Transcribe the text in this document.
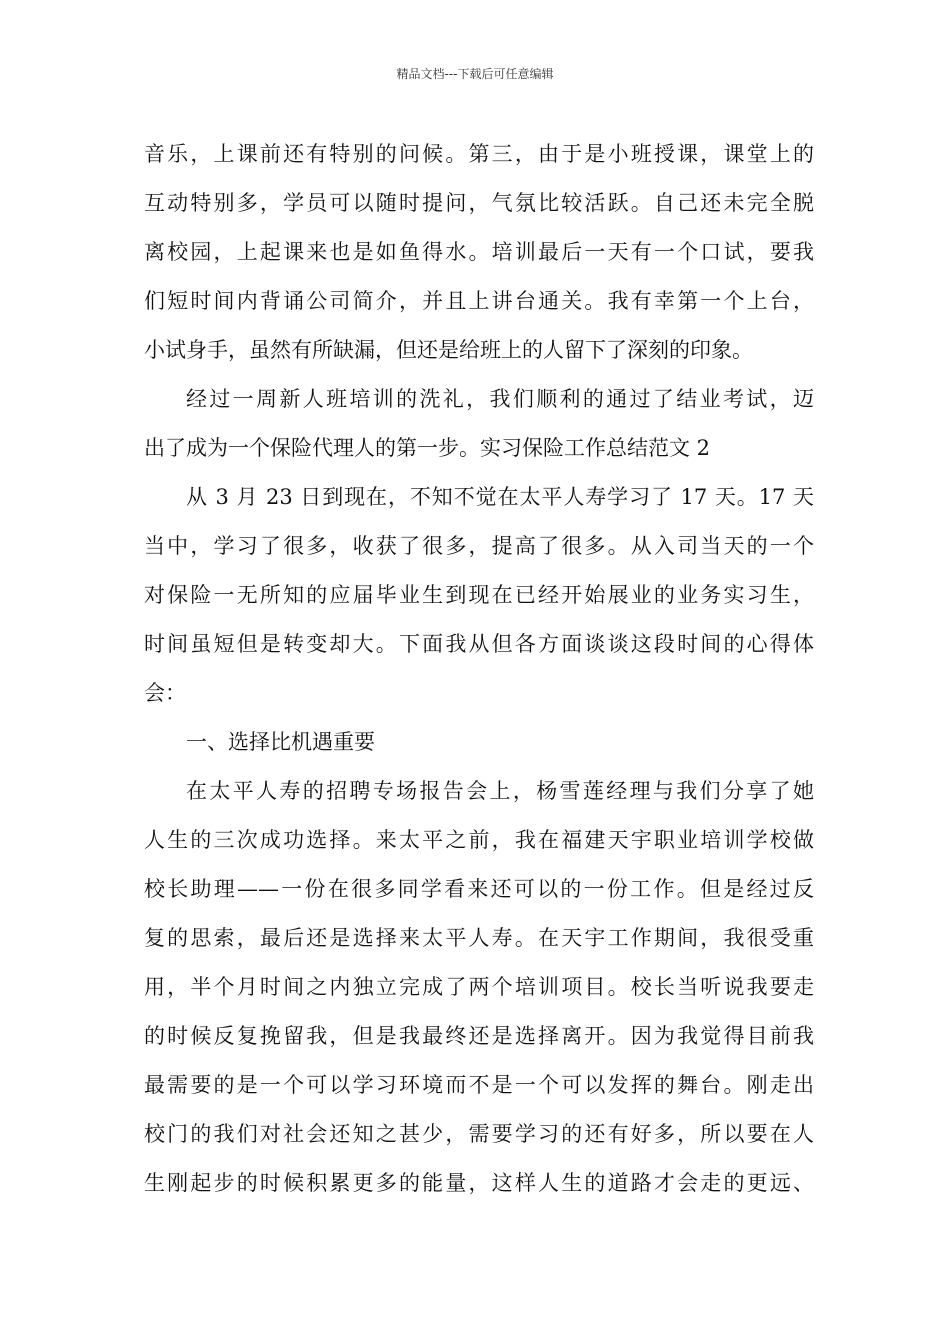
精品文档---下载后可任意编辑
音乐，上课前还有特别的问候。第三，由于是小班授课，课堂上的
互动特别多，学员可以随时提问，气氛比较活跃。自己还未完全脱
离校园，上起课来也是如鱼得水。培训最后一天有一个口试，要我
们短时间内背诵公司简介，并且上讲台通关。我有幸第一个上台，
小试身手，虽然有所缺漏，但还是给班上的人留下了深刻的印象。
经过一周新人班培训的洗礼，我们顺利的通过了结业考试，迈
出了成为一个保险代理人的第一步。实习保险工作总结范文 2
从 3 月 23 日到现在，不知不觉在太平人寿学习了 17 天。17 天
当中，学习了很多，收获了很多，提高了很多。从入司当天的一个
对保险一无所知的应届毕业生到现在已经开始展业的业务实习生，
时间虽短但是转变却大。下面我从但各方面谈谈这段时间的心得体
会：
一、选择比机遇重要
在太平人寿的招聘专场报告会上，杨雪莲经理与我们分享了她
人生的三次成功选择。来太平之前，我在福建天宇职业培训学校做
校长助理——一份在很多同学看来还可以的一份工作。但是经过反
复的思索，最后还是选择来太平人寿。在天宇工作期间，我很受重
用，半个月时间之内独立完成了两个培训项目。校长当听说我要走
的时候反复挽留我，但是我最终还是选择离开。因为我觉得目前我
最需要的是一个可以学习环境而不是一个可以发挥的舞台。刚走出
校门的我们对社会还知之甚少，需要学习的还有好多，所以要在人
生刚起步的时候积累更多的能量，这样人生的道路才会走的更远、
